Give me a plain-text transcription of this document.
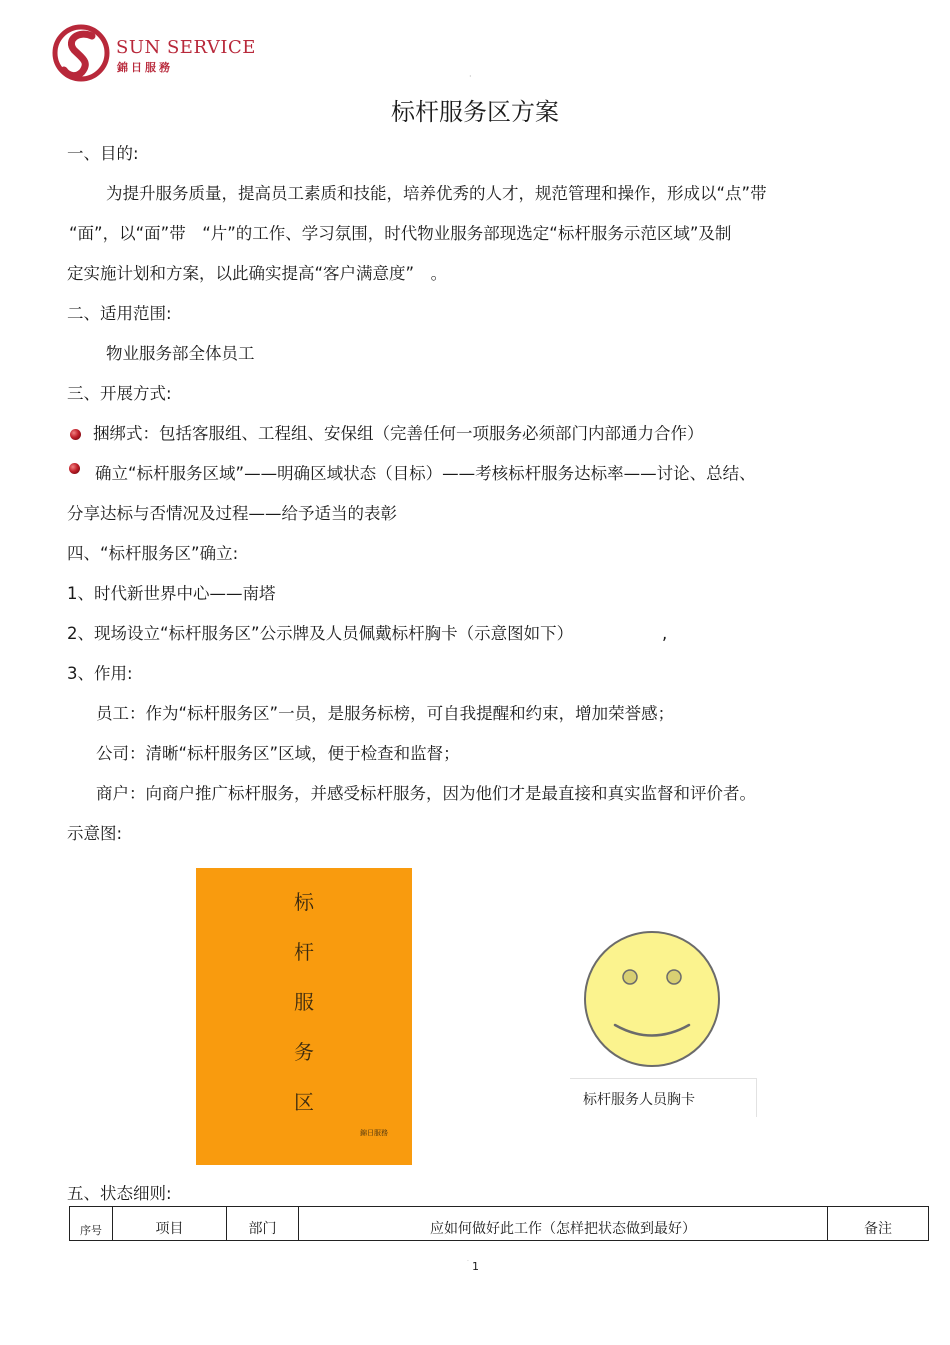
SUN SERVICE
錦日服務
·
标杆服务区方案
一、目的:
为提升服务质量，提高员工素质和技能，培养优秀的人才，规范管理和操作，形成以“点”带
“面”，以“面”带　“片”的工作、学习氛围，时代物业服务部现选定“标杆服务示范区域”及制
定实施计划和方案，以此确实提高“客户满意度”　。
二、适用范围:
物业服务部全体员工
三、开展方式:
捆绑式：包括客服组、工程组、安保组（完善任何一项服务必须部门内部通力合作）
确立“标杆服务区域”——明确区域状态（目标）——考核标杆服务达标率——讨论、总结、
分享达标与否情况及过程——给予适当的表彰
四、“标杆服务区”确立:
1、时代新世界中心——南塔
2、现场设立“标杆服务区”公示牌及人员佩戴标杆胸卡（示意图如下）	,
3、作用:
员工：作为“标杆服务区”一员，是服务标榜，可自我提醒和约束，增加荣誉感；
公司：清晰“标杆服务区”区域，便于检查和监督；
商户：向商户推广标杆服务，并感受标杆服务，因为他们才是最直接和真实监督和评价者。
示意图:
标
杆
服
务
区
錦日服務
标杆服务人员胸卡
五、状态细则:
序号	项目	部门	应如何做好此工作（怎样把状态做到最好）	备注
· 1
